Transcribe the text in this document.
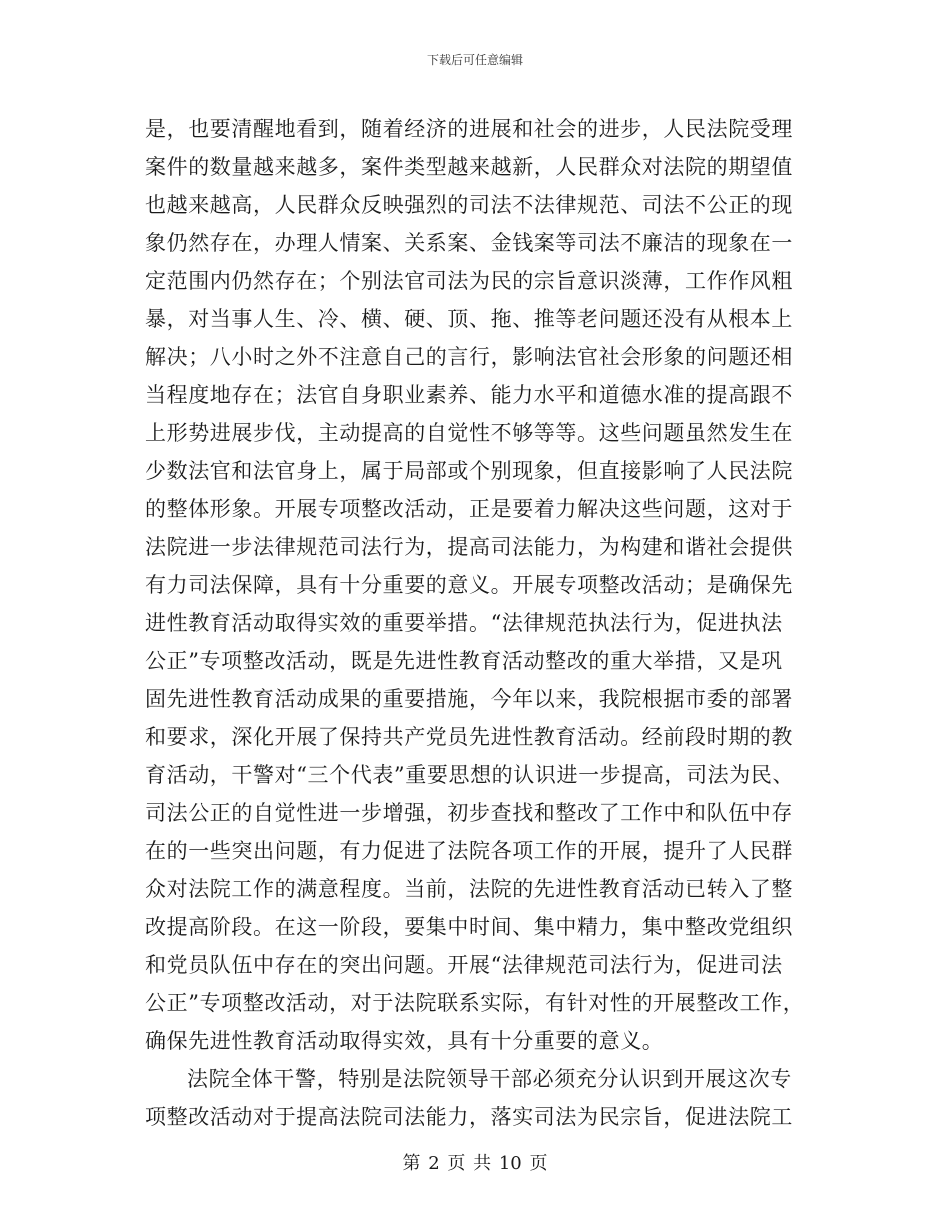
下载后可任意编辑
是，也要清醒地看到，随着经济的进展和社会的进步，人民法院受理
案件的数量越来越多，案件类型越来越新，人民群众对法院的期望值
也越来越高，人民群众反映强烈的司法不法律规范、司法不公正的现
象仍然存在，办理人情案、关系案、金钱案等司法不廉洁的现象在一
定范围内仍然存在；个别法官司法为民的宗旨意识淡薄，工作作风粗
暴，对当事人生、冷、横、硬、顶、拖、推等老问题还没有从根本上
解决；八小时之外不注意自己的言行，影响法官社会形象的问题还相
当程度地存在；法官自身职业素养、能力水平和道德水准的提高跟不
上形势进展步伐，主动提高的自觉性不够等等。这些问题虽然发生在
少数法官和法官身上，属于局部或个别现象，但直接影响了人民法院
的整体形象。开展专项整改活动，正是要着力解决这些问题，这对于
法院进一步法律规范司法行为，提高司法能力，为构建和谐社会提供
有力司法保障，具有十分重要的意义。开展专项整改活动；是确保先
进性教育活动取得实效的重要举措。“法律规范执法行为，促进执法
公正”专项整改活动，既是先进性教育活动整改的重大举措，又是巩
固先进性教育活动成果的重要措施，今年以来，我院根据市委的部署
和要求，深化开展了保持共产党员先进性教育活动。经前段时期的教
育活动，干警对“三个代表”重要思想的认识进一步提高，司法为民、
司法公正的自觉性进一步增强，初步查找和整改了工作中和队伍中存
在的一些突出问题，有力促进了法院各项工作的开展，提升了人民群
众对法院工作的满意程度。当前，法院的先进性教育活动已转入了整
改提高阶段。在这一阶段，要集中时间、集中精力，集中整改党组织
和党员队伍中存在的突出问题。开展“法律规范司法行为，促进司法
公正”专项整改活动，对于法院联系实际，有针对性的开展整改工作，
确保先进性教育活动取得实效，具有十分重要的意义。
法院全体干警，特别是法院领导干部必须充分认识到开展这次专
项整改活动对于提高法院司法能力，落实司法为民宗旨，促进法院工
第 2 页 共 10 页
